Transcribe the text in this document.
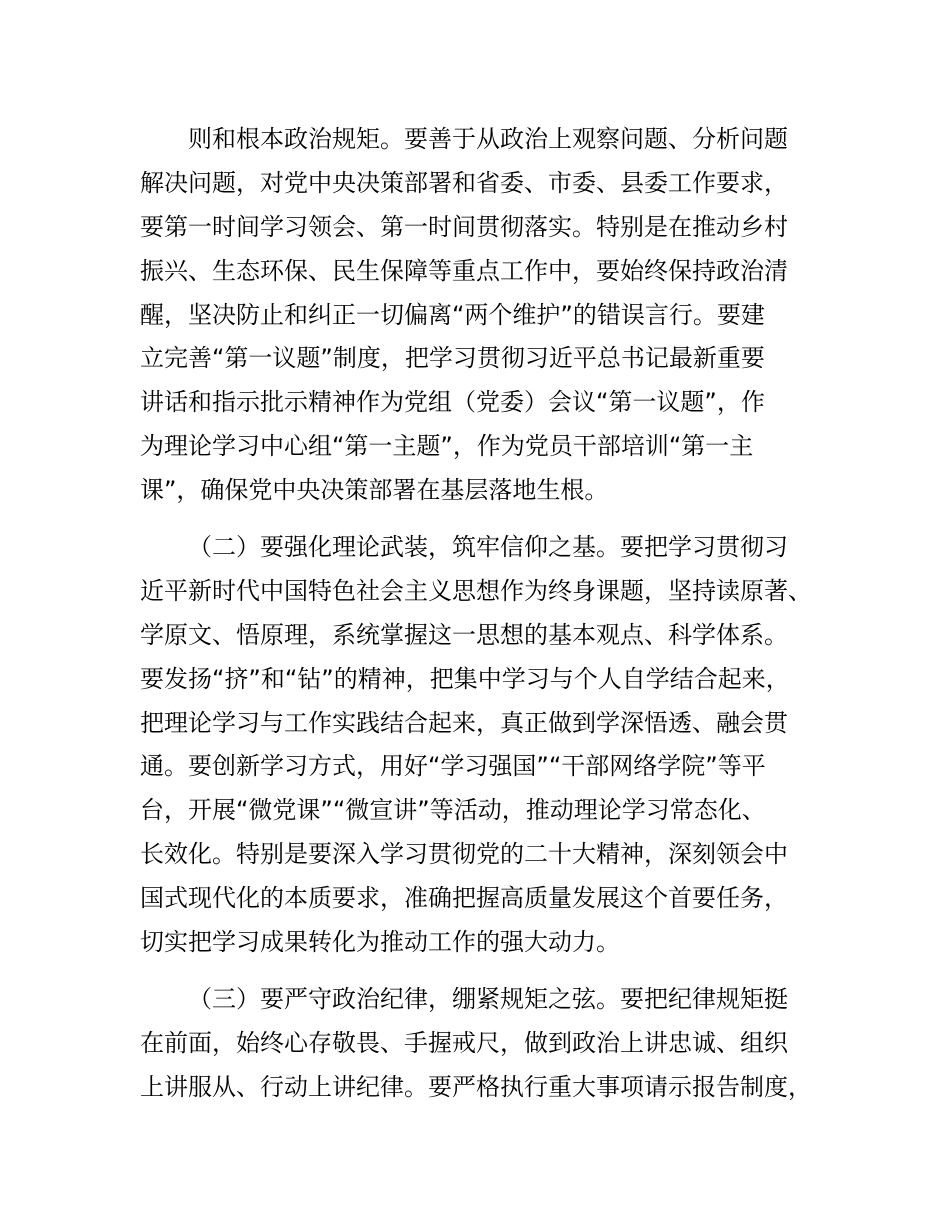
则和根本政治规矩。要善于从政治上观察问题、分析问题
解决问题，对党中央决策部署和省委、市委、县委工作要求，
要第一时间学习领会、第一时间贯彻落实。特别是在推动乡村
振兴、生态环保、民生保障等重点工作中，要始终保持政治清
醒，坚决防止和纠正一切偏离“两个维护”的错误言行。要建
立完善“第一议题”制度，把学习贯彻习近平总书记最新重要
讲话和指示批示精神作为党组（党委）会议“第一议题”，作
为理论学习中心组“第一主题”，作为党员干部培训“第一主
课”，确保党中央决策部署在基层落地生根。
（二）要强化理论武装，筑牢信仰之基。要把学习贯彻习
近平新时代中国特色社会主义思想作为终身课题，坚持读原著、
学原文、悟原理，系统掌握这一思想的基本观点、科学体系。
要发扬“挤”和“钻”的精神，把集中学习与个人自学结合起来，
把理论学习与工作实践结合起来，真正做到学深悟透、融会贯
通。要创新学习方式，用好“学习强国”“干部网络学院”等平
台，开展“微党课”“微宣讲”等活动，推动理论学习常态化、
长效化。特别是要深入学习贯彻党的二十大精神，深刻领会中
国式现代化的本质要求，准确把握高质量发展这个首要任务，
切实把学习成果转化为推动工作的强大动力。
（三）要严守政治纪律，绷紧规矩之弦。要把纪律规矩挺
在前面，始终心存敬畏、手握戒尺，做到政治上讲忠诚、组织
上讲服从、行动上讲纪律。要严格执行重大事项请示报告制度，
